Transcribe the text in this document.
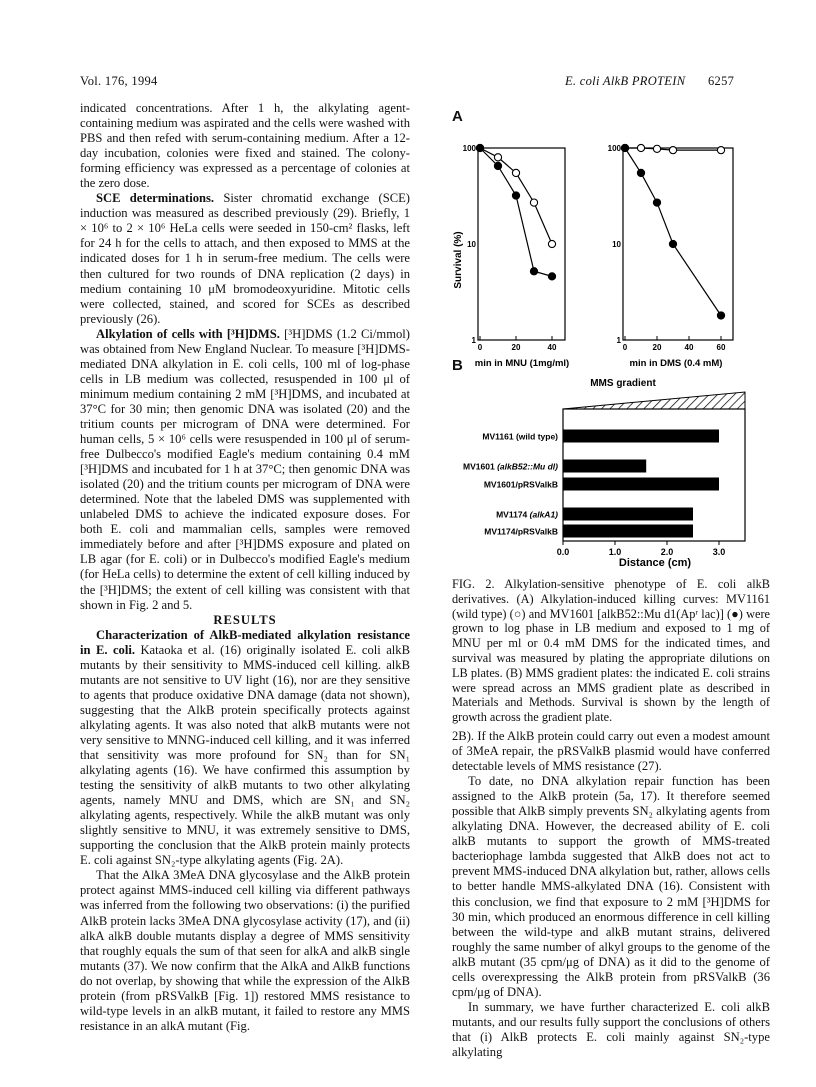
Vol. 176, 1994	E. coli AlkB PROTEIN 6257

indicated concentrations. After 1 h, the alkylating agent-containing medium was aspirated and the cells were washed with PBS and then refed with serum-containing medium. After a 12-day incubation, colonies were fixed and stained. The colony-forming efficiency was expressed as a percentage of colonies at the zero dose.

SCE determinations. Sister chromatid exchange (SCE) induction was measured as described previously (29). Briefly, 1 × 10⁶ to 2 × 10⁶ HeLa cells were seeded in 150-cm² flasks, left for 24 h for the cells to attach, and then exposed to MMS at the indicated doses for 1 h in serum-free medium. The cells were then cultured for two rounds of DNA replication (2 days) in medium containing 10 μM bromodeoxyuridine. Mitotic cells were collected, stained, and scored for SCEs as described previously (26).

Alkylation of cells with [³H]DMS. [³H]DMS (1.2 Ci/mmol) was obtained from New England Nuclear. To measure [³H]DMS-mediated DNA alkylation in E. coli cells, 100 ml of log-phase cells in LB medium was collected, resuspended in 100 μl of minimum medium containing 2 mM [³H]DMS, and incubated at 37°C for 30 min; then genomic DNA was isolated (20) and the tritium counts per microgram of DNA were determined. For human cells, 5 × 10⁶ cells were resuspended in 100 μl of serum-free Dulbecco's modified Eagle's medium containing 0.4 mM [³H]DMS and incubated for 1 h at 37°C; then genomic DNA was isolated (20) and the tritium counts per microgram of DNA were determined. Note that the labeled DMS was supplemented with unlabeled DMS to achieve the indicated exposure doses. For both E. coli and mammalian cells, samples were removed immediately before and after [³H]DMS exposure and plated on LB agar (for E. coli) or in Dulbecco's modified Eagle's medium (for HeLa cells) to determine the extent of cell killing induced by the [³H]DMS; the extent of cell killing was consistent with that shown in Fig. 2 and 5.

RESULTS

Characterization of AlkB-mediated alkylation resistance in E. coli. Kataoka et al. (16) originally isolated E. coli alkB mutants by their sensitivity to MMS-induced cell killing. alkB mutants are not sensitive to UV light (16), nor are they sensitive to agents that produce oxidative DNA damage (data not shown), suggesting that the AlkB protein specifically protects against alkylating agents. It was also noted that alkB mutants were not very sensitive to MNNG-induced cell killing, and it was inferred that sensitivity was more profound for SN₂ than for SN₁ alkylating agents (16). We have confirmed this assumption by testing the sensitivity of alkB mutants to two other alkylating agents, namely MNU and DMS, which are SN₁ and SN₂ alkylating agents, respectively. While the alkB mutant was only slightly sensitive to MNU, it was extremely sensitive to DMS, supporting the conclusion that the AlkB protein mainly protects E. coli against SN₂-type alkylating agents (Fig. 2A).

That the AlkA 3MeA DNA glycosylase and the AlkB protein protect against MMS-induced cell killing via different pathways was inferred from the following two observations: (i) the purified AlkB protein lacks 3MeA DNA glycosylase activity (17), and (ii) alkA alkB double mutants display a degree of MMS sensitivity that roughly equals the sum of that seen for alkA and alkB single mutants (37). We now confirm that the AlkA and AlkB functions do not overlap, by showing that while the expression of the AlkB protein (from pRSValkB [Fig. 1]) restored MMS resistance to wild-type levels in an alkB mutant, it failed to restore any MMS resistance in an alkA mutant (Fig.

A
B
Survival (%)
100
10
1
min in MNU (1mg/ml)
0	20	40
100
10
1
min in DMS (0.4 mM)
0	20	40	60
MMS gradient
MV1161 (wild type)
MV1601 (alkB52::Mu dl)
MV1601/pRSValkB
MV1174 (alkA1)
MV1174/pRSValkB
0.0	1.0	2.0	3.0
Distance (cm)
FIG. 2. Alkylation-sensitive phenotype of E. coli alkB derivatives. (A) Alkylation-induced killing curves: MV1161 (wild type) (○) and MV1601 [alkB52::Mu d1(Apʳ lac)] (●) were grown to log phase in LB medium and exposed to 1 mg of MNU per ml or 0.4 mM DMS for the indicated times, and survival was measured by plating the appropriate dilutions on LB plates. (B) MMS gradient plates: the indicated E. coli strains were spread across an MMS gradient plate as described in Materials and Methods. Survival is shown by the length of growth across the gradient plate.

2B). If the AlkB protein could carry out even a modest amount of 3MeA repair, the pRSValkB plasmid would have conferred detectable levels of MMS resistance (27).

To date, no DNA alkylation repair function has been assigned to the AlkB protein (5a, 17). It therefore seemed possible that AlkB simply prevents SN₂ alkylating agents from alkylating DNA. However, the decreased ability of E. coli alkB mutants to support the growth of MMS-treated bacteriophage lambda suggested that AlkB does not act to prevent MMS-induced DNA alkylation but, rather, allows cells to better handle MMS-alkylated DNA (16). Consistent with this conclusion, we find that exposure to 2 mM [³H]DMS for 30 min, which produced an enormous difference in cell killing between the wild-type and alkB mutant strains, delivered roughly the same number of alkyl groups to the genome of the alkB mutant (35 cpm/μg of DNA) as it did to the genome of cells overexpressing the AlkB protein from pRSValkB (36 cpm/μg of DNA).

In summary, we have further characterized E. coli alkB mutants, and our results fully support the conclusions of others that (i) AlkB protects E. coli mainly against SN₂-type alkylating
